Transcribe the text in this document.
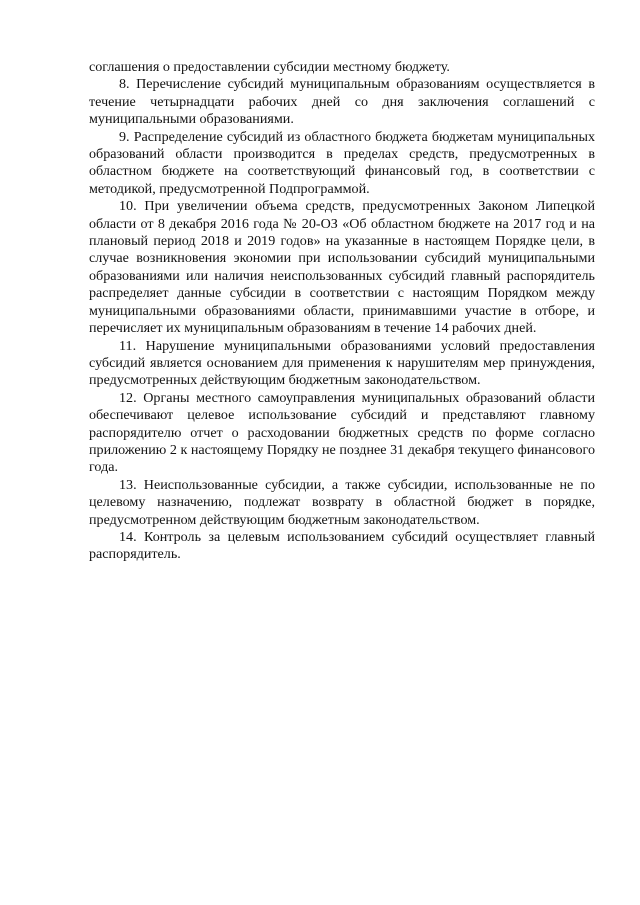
соглашения о предоставлении субсидии местному бюджету.

8. Перечисление субсидий муниципальным образованиям осуществляется в течение четырнадцати рабочих дней со дня заключения соглашений с муниципальными образованиями.

9. Распределение субсидий из областного бюджета бюджетам муниципальных образований области производится в пределах средств, предусмотренных в областном бюджете на соответствующий финансовый год, в соответствии с методикой, предусмотренной Подпрограммой.

10. При увеличении объема средств, предусмотренных Законом Липецкой области от 8 декабря 2016 года № 20-ОЗ «Об областном бюджете на 2017 год и на плановый период 2018 и 2019 годов» на указанные в настоящем Порядке цели, в случае возникновения экономии при использовании субсидий муниципальными образованиями или наличия неиспользованных субсидий главный распорядитель распределяет данные субсидии в соответствии с настоящим Порядком между муниципальными образованиями области, принимавшими участие в отборе, и перечисляет их муниципальным образованиям в течение 14 рабочих дней.

11. Нарушение муниципальными образованиями условий предоставления субсидий является основанием для применения к нарушителям мер принуждения, предусмотренных действующим бюджетным законодательством.

12. Органы местного самоуправления муниципальных образований области обеспечивают целевое использование субсидий и представляют главному распорядителю отчет о расходовании бюджетных средств по форме согласно приложению 2 к настоящему Порядку не позднее 31 декабря текущего финансового года.

13. Неиспользованные субсидии, а также субсидии, использованные не по целевому назначению, подлежат возврату в областной бюджет в порядке, предусмотренном действующим бюджетным законодательством.

14. Контроль за целевым использованием субсидий осуществляет главный распорядитель.
